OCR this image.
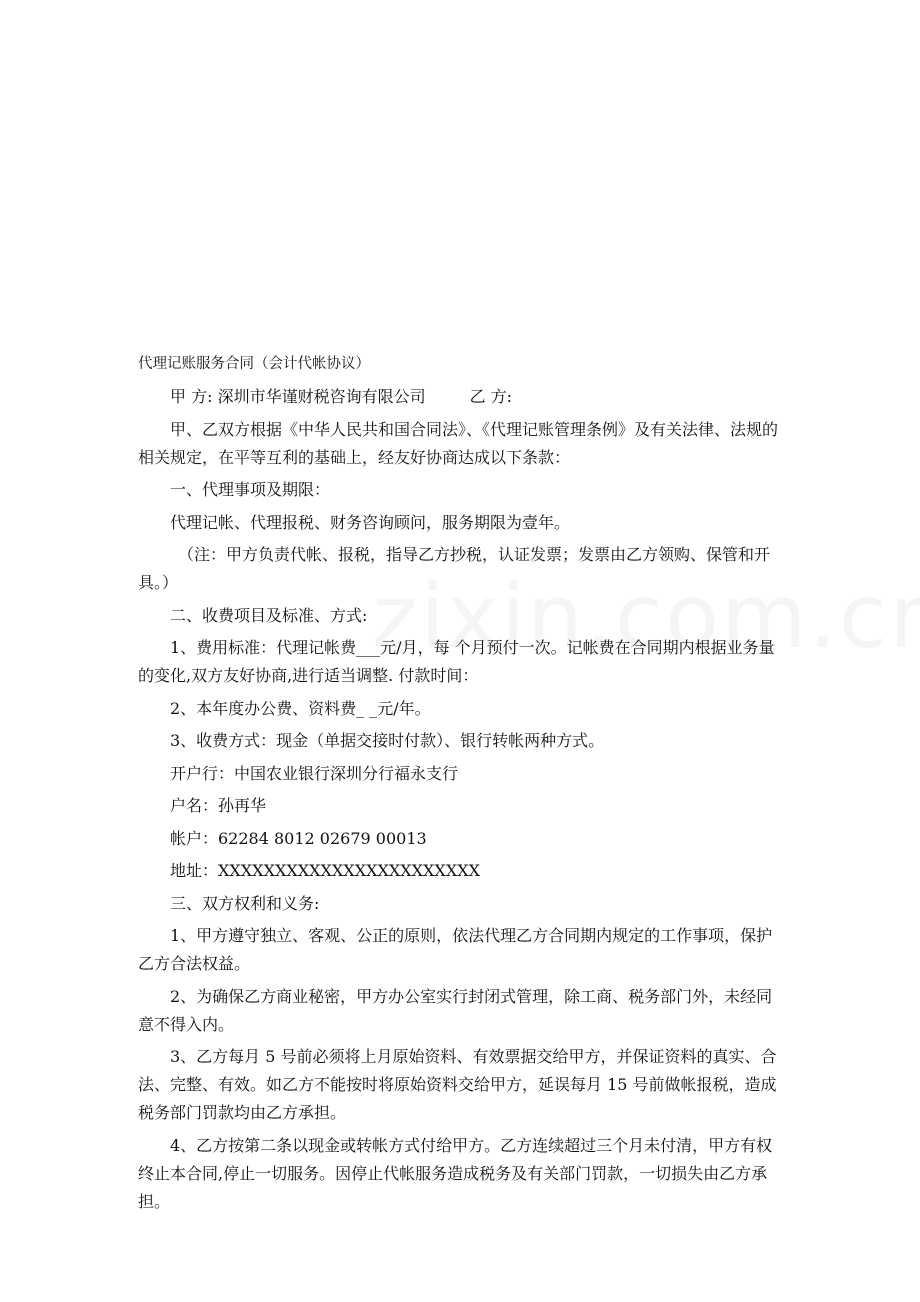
代理记账服务合同（会计代帐协议）

甲 方: 深圳市华谨财税咨询有限公司	乙 方:

甲、乙双方根据《中华人民共和国合同法》、《代理记账管理条例》及有关法律、法规的相关规定，在平等互利的基础上，经友好协商达成以下条款：

一、代理事项及期限：

代理记帐、代理报税、财务咨询顾问，服务期限为壹年。

（注：甲方负责代帐、报税，指导乙方抄税，认证发票；发票由乙方领购、保管和开具。）

二、收费项目及标准、方式:

1、费用标准：代理记帐费___元/月，每 个月预付一次。记帐费在合同期内根据业务量的变化,双方友好协商,进行适当调整. 付款时间：

2、本年度办公费、资料费_ _元/年。

3、收费方式：现金（单据交接时付款）、银行转帐两种方式。

开户行：中国农业银行深圳分行福永支行

户名：孙再华

帐户：62284 8012 02679 00013

地址：XXXXXXXXXXXXXXXXXXXXXXX

三、双方权利和义务:

1、甲方遵守独立、客观、公正的原则，依法代理乙方合同期内规定的工作事项，保护乙方合法权益。

2、为确保乙方商业秘密，甲方办公室实行封闭式管理，除工商、税务部门外，未经同意不得入内。

3、乙方每月 5 号前必须将上月原始资料、有效票据交给甲方，并保证资料的真实、合法、完整、有效。如乙方不能按时将原始资料交给甲方，延误每月 15 号前做帐报税，造成税务部门罚款均由乙方承担。

4、乙方按第二条以现金或转帐方式付给甲方。乙方连续超过三个月未付清，甲方有权终止本合同,停止一切服务。因停止代帐服务造成税务及有关部门罚款，一切损失由乙方承担。
